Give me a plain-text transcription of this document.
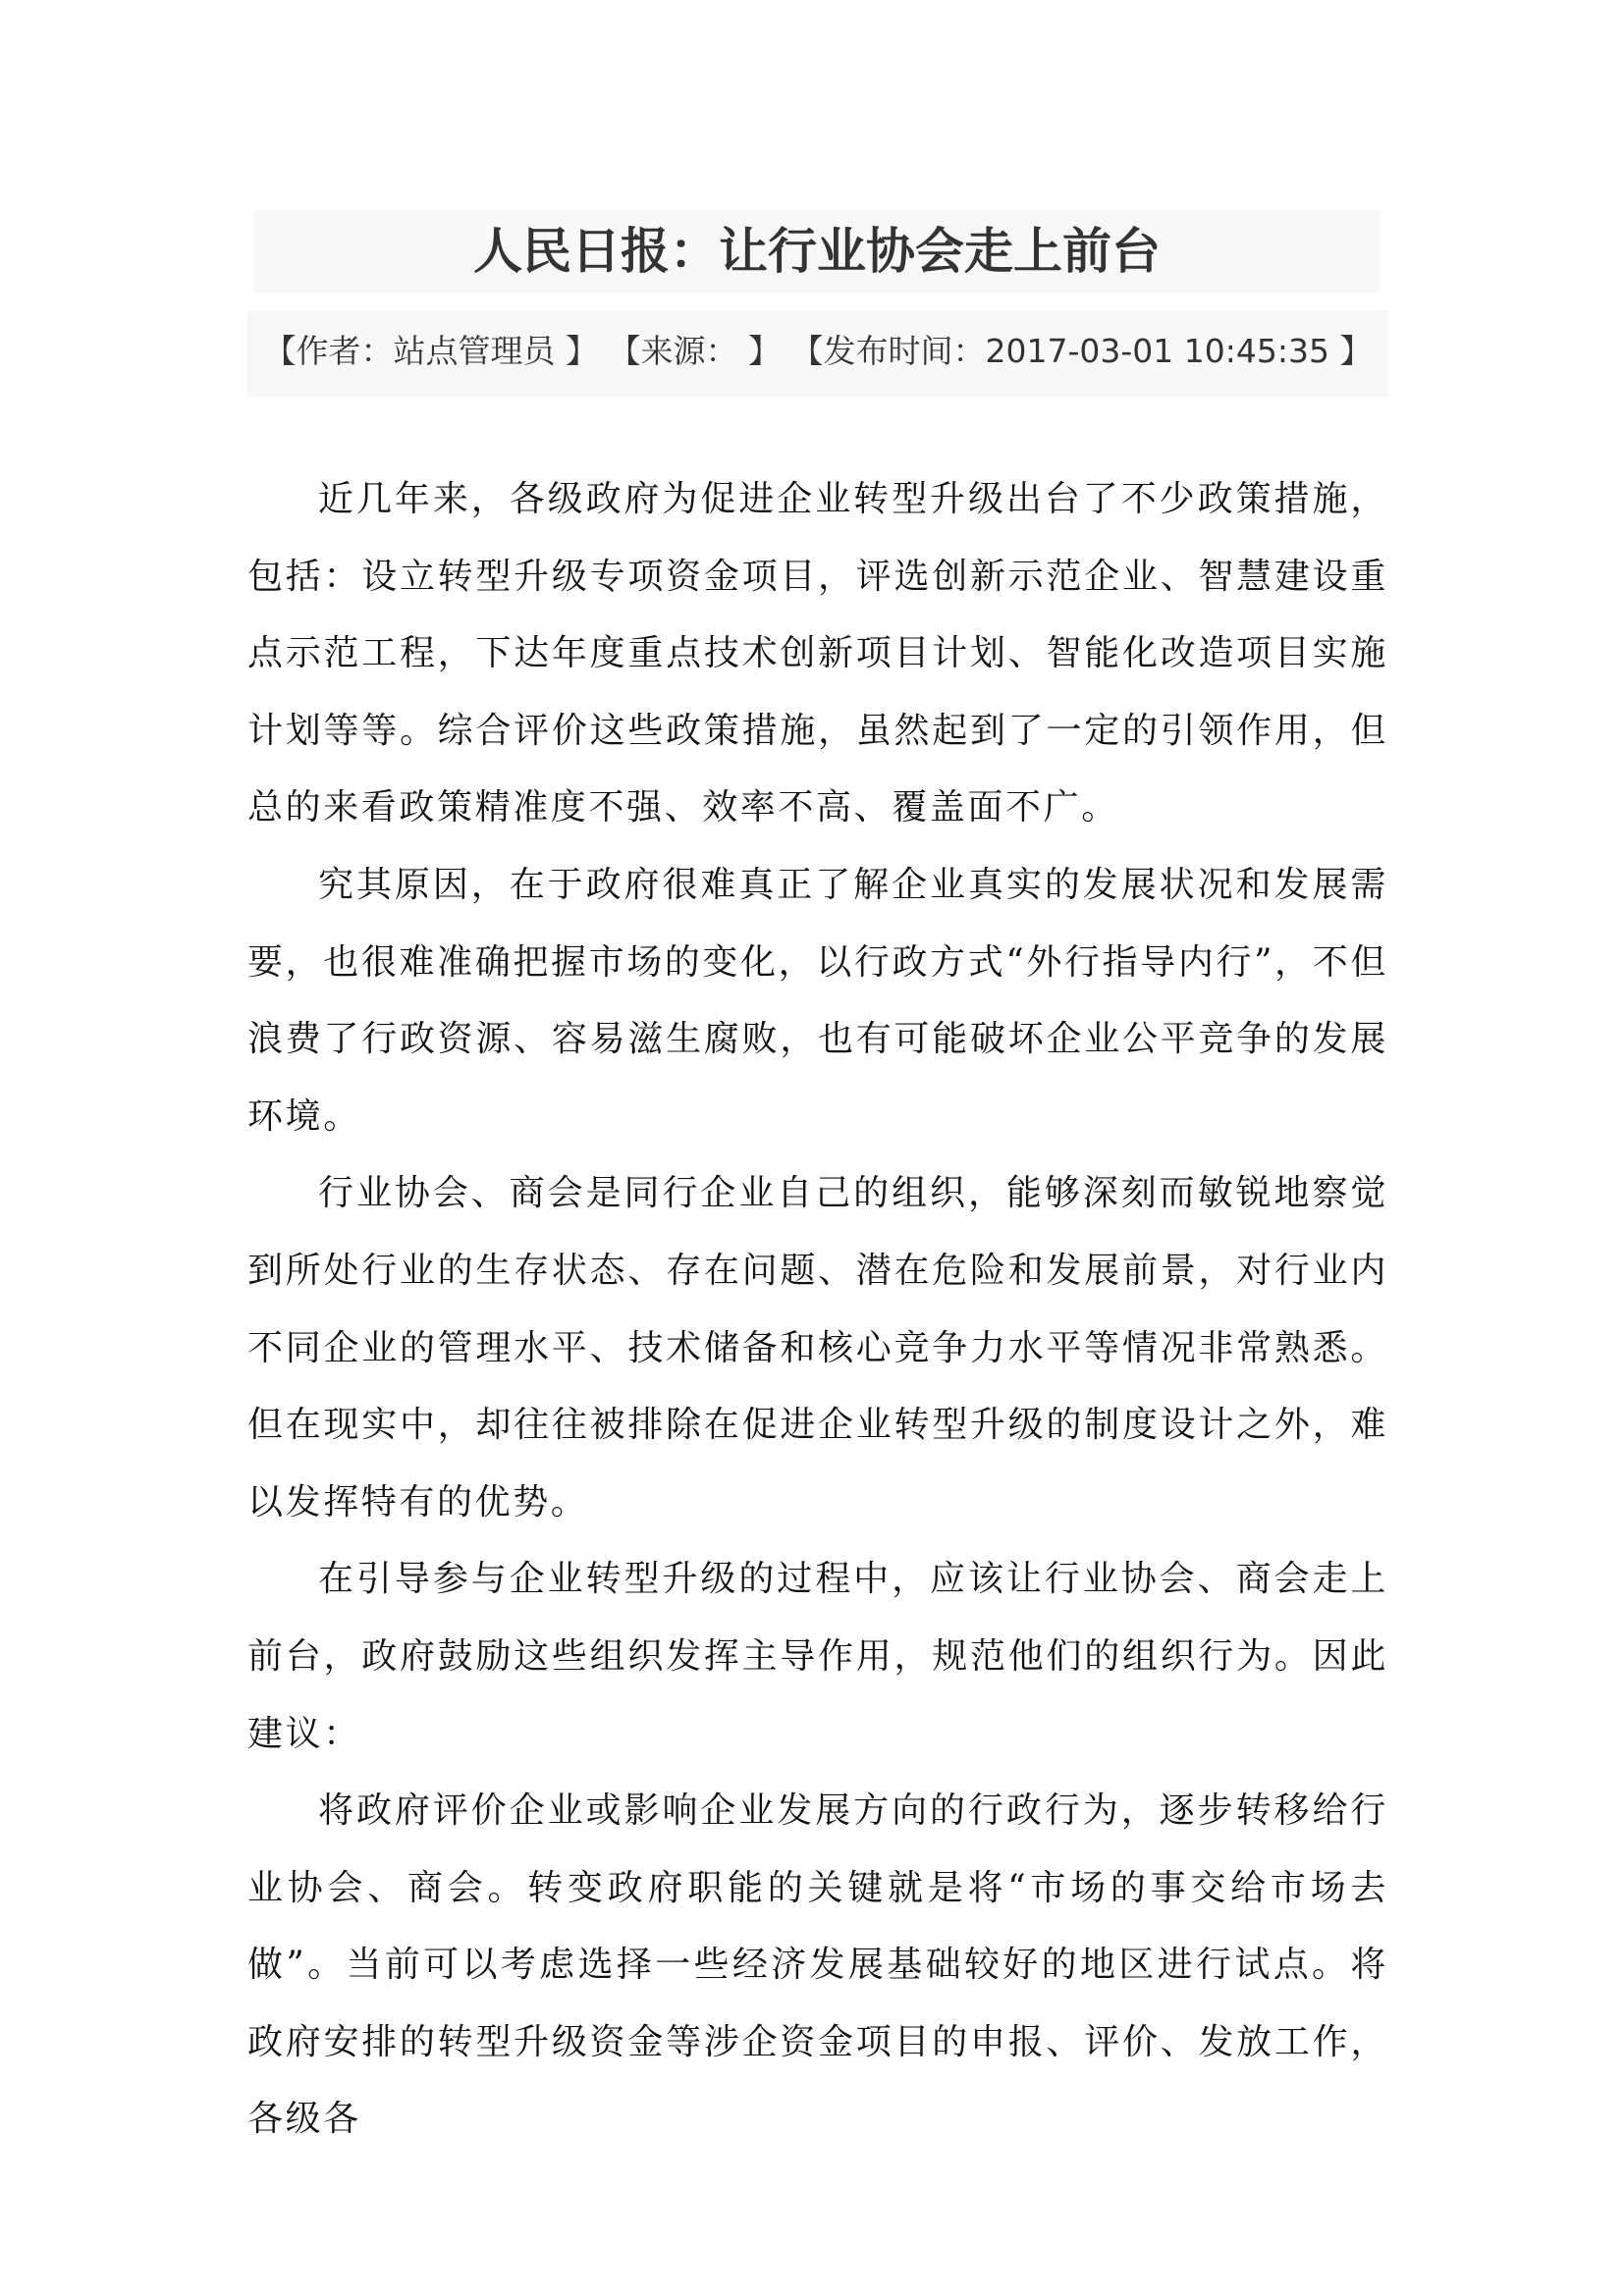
人民日报：让行业协会走上前台
【作者：站点管理员 】 【来源： 】 【发布时间：2017-03-01 10:45:35 】

近几年来，各级政府为促进企业转型升级出台了不少政策措施，包括：设立转型升级专项资金项目，评选创新示范企业、智慧建设重点示范工程，下达年度重点技术创新项目计划、智能化改造项目实施计划等等。综合评价这些政策措施，虽然起到了一定的引领作用，但总的来看政策精准度不强、效率不高、覆盖面不广。

究其原因，在于政府很难真正了解企业真实的发展状况和发展需要，也很难准确把握市场的变化，以行政方式“外行指导内行”，不但浪费了行政资源、容易滋生腐败，也有可能破坏企业公平竞争的发展环境。

行业协会、商会是同行企业自己的组织，能够深刻而敏锐地察觉到所处行业的生存状态、存在问题、潜在危险和发展前景，对行业内不同企业的管理水平、技术储备和核心竞争力水平等情况非常熟悉。但在现实中，却往往被排除在促进企业转型升级的制度设计之外，难以发挥特有的优势。

在引导参与企业转型升级的过程中，应该让行业协会、商会走上前台，政府鼓励这些组织发挥主导作用，规范他们的组织行为。因此建议：

将政府评价企业或影响企业发展方向的行政行为，逐步转移给行业协会、商会。转变政府职能的关键就是将“市场的事交给市场去做”。当前可以考虑选择一些经济发展基础较好的地区进行试点。将政府安排的转型升级资金等涉企资金项目的申报、评价、发放工作，各级各
